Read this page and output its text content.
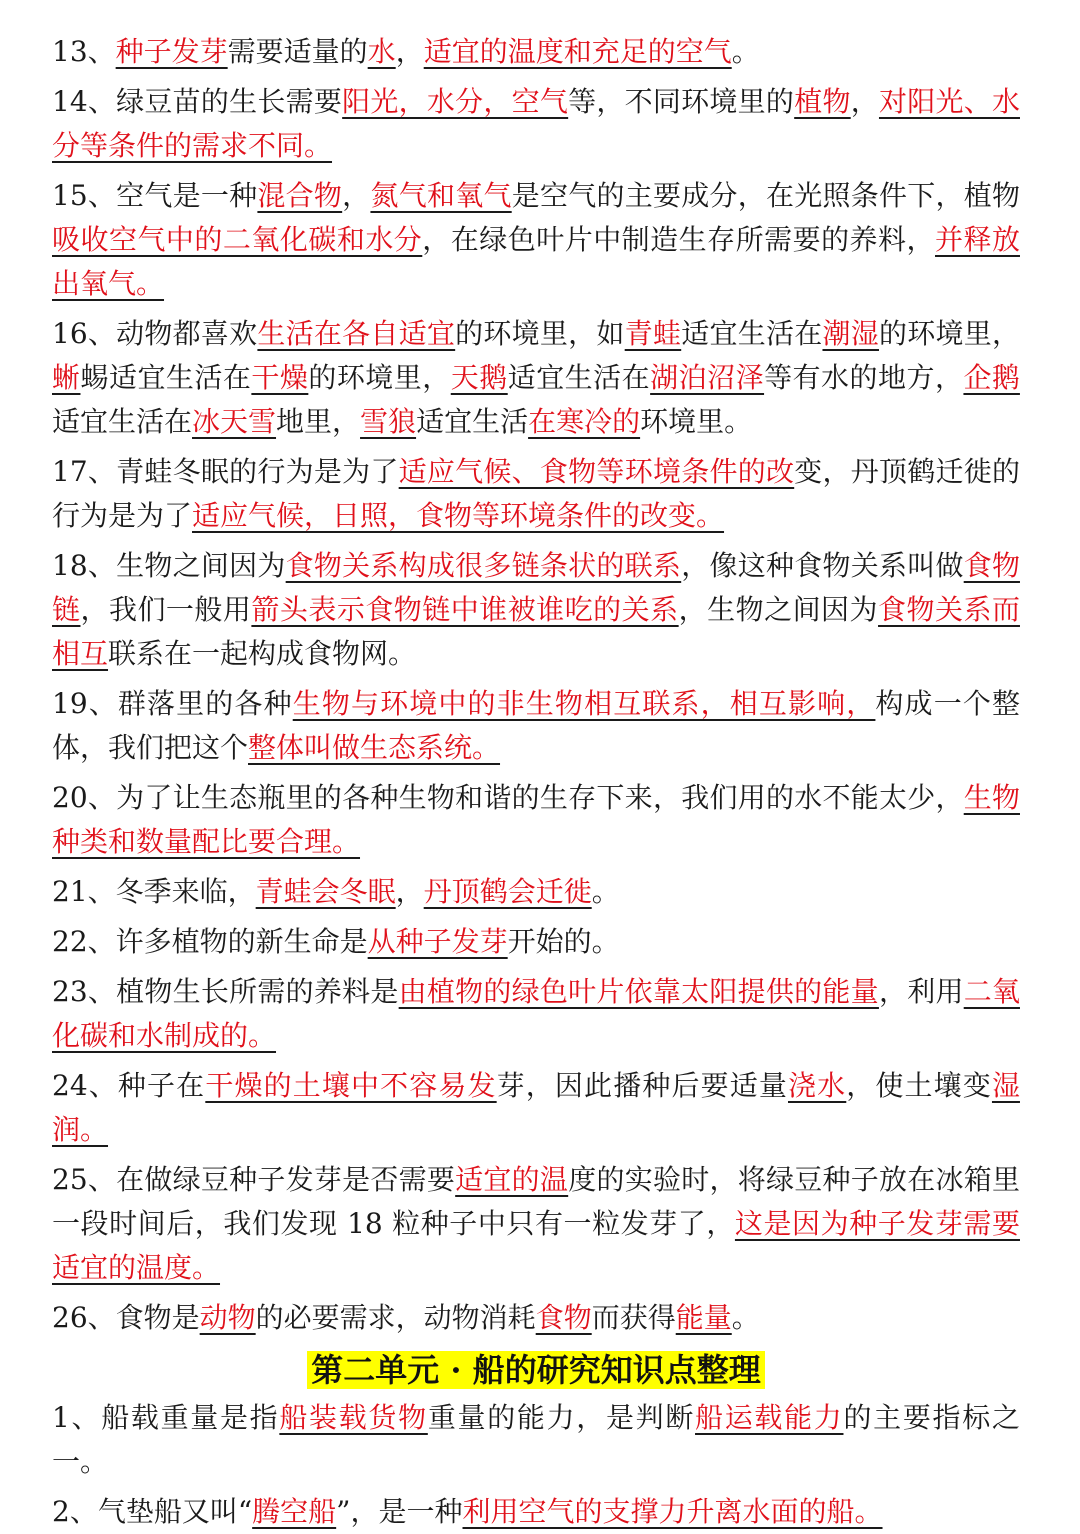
13、种子发芽需要适量的水，适宜的温度和充足的空气。
14、绿豆苗的生长需要阳光，水分，空气等，不同环境里的植物，对阳光、水分等条件的需求不同。
15、空气是一种混合物，氮气和氧气是空气的主要成分，在光照条件下，植物吸收空气中的二氧化碳和水分，在绿色叶片中制造生存所需要的养料，并释放出氧气。
16、动物都喜欢生活在各自适宜的环境里，如青蛙适宜生活在潮湿的环境里，蜥蜴适宜生活在干燥的环境里，天鹅适宜生活在湖泊沼泽等有水的地方，企鹅适宜生活在冰天雪地里，雪狼适宜生活在寒冷的环境里。
17、青蛙冬眠的行为是为了适应气候、食物等环境条件的改变，丹顶鹤迁徙的行为是为了适应气候，日照，食物等环境条件的改变。
18、生物之间因为食物关系构成很多链条状的联系，像这种食物关系叫做食物链，我们一般用箭头表示食物链中谁被谁吃的关系，生物之间因为食物关系而相互联系在一起构成食物网。
19、群落里的各种生物与环境中的非生物相互联系，相互影响，构成一个整体，我们把这个整体叫做生态系统。
20、为了让生态瓶里的各种生物和谐的生存下来，我们用的水不能太少，生物种类和数量配比要合理。
21、冬季来临，青蛙会冬眠，丹顶鹤会迁徙。
22、许多植物的新生命是从种子发芽开始的。
23、植物生长所需的养料是由植物的绿色叶片依靠太阳提供的能量，利用二氧化碳和水制成的。
24、种子在干燥的土壤中不容易发芽，因此播种后要适量浇水，使土壤变湿润。
25、在做绿豆种子发芽是否需要适宜的温度的实验时，将绿豆种子放在冰箱里一段时间后，我们发现 18 粒种子中只有一粒发芽了，这是因为种子发芽需要适宜的温度。
26、食物是动物的必要需求，动物消耗食物而获得能量。
第二单元 · 船的研究知识点整理
1、船载重量是指船装载货物重量的能力，是判断船运载能力的主要指标之一。
2、气垫船又叫“腾空船”，是一种利用空气的支撑力升离水面的船。
